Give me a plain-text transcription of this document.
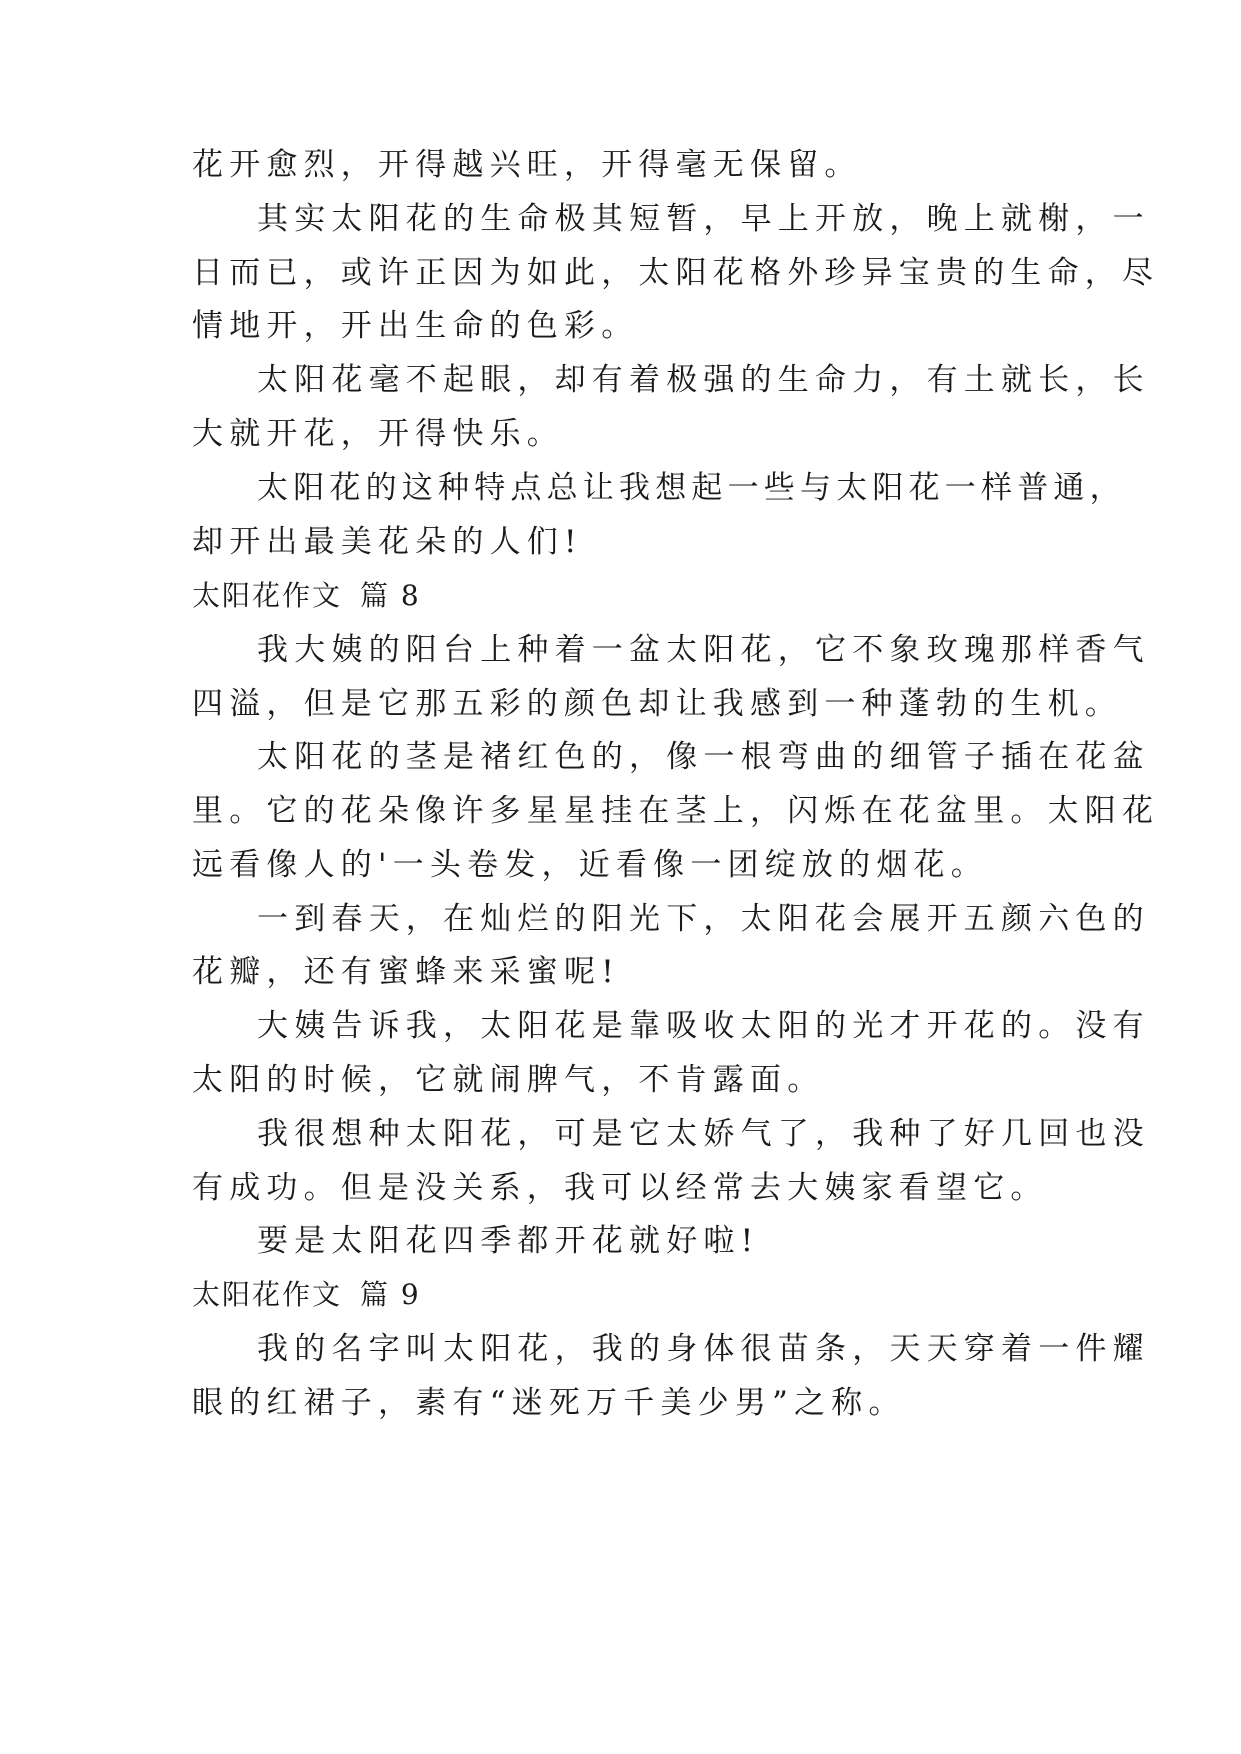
花开愈烈，开得越兴旺，开得毫无保留。

其实太阳花的生命极其短暂，早上开放，晚上就榭，一

日而已，或许正因为如此，太阳花格外珍异宝贵的生命，尽

情地开，开出生命的色彩。

太阳花毫不起眼，却有着极强的生命力，有土就长，长

大就开花，开得快乐。

太阳花的这种特点总让我想起一些与太阳花一样普通，

却开出最美花朵的人们!

太阳花作文 篇 8

我大姨的阳台上种着一盆太阳花，它不象玫瑰那样香气

四溢，但是它那五彩的颜色却让我感到一种蓬勃的生机。

太阳花的茎是褚红色的，像一根弯曲的细管子插在花盆

里。它的花朵像许多星星挂在茎上，闪烁在花盆里。太阳花

远看像人的'一头卷发，近看像一团绽放的烟花。

一到春天，在灿烂的阳光下，太阳花会展开五颜六色的

花瓣，还有蜜蜂来采蜜呢!

大姨告诉我，太阳花是靠吸收太阳的光才开花的。没有

太阳的时候，它就闹脾气，不肯露面。

我很想种太阳花，可是它太娇气了，我种了好几回也没

有成功。但是没关系，我可以经常去大姨家看望它。

要是太阳花四季都开花就好啦!

太阳花作文 篇 9

我的名字叫太阳花，我的身体很苗条，天天穿着一件耀

眼的红裙子，素有“迷死万千美少男”之称。
